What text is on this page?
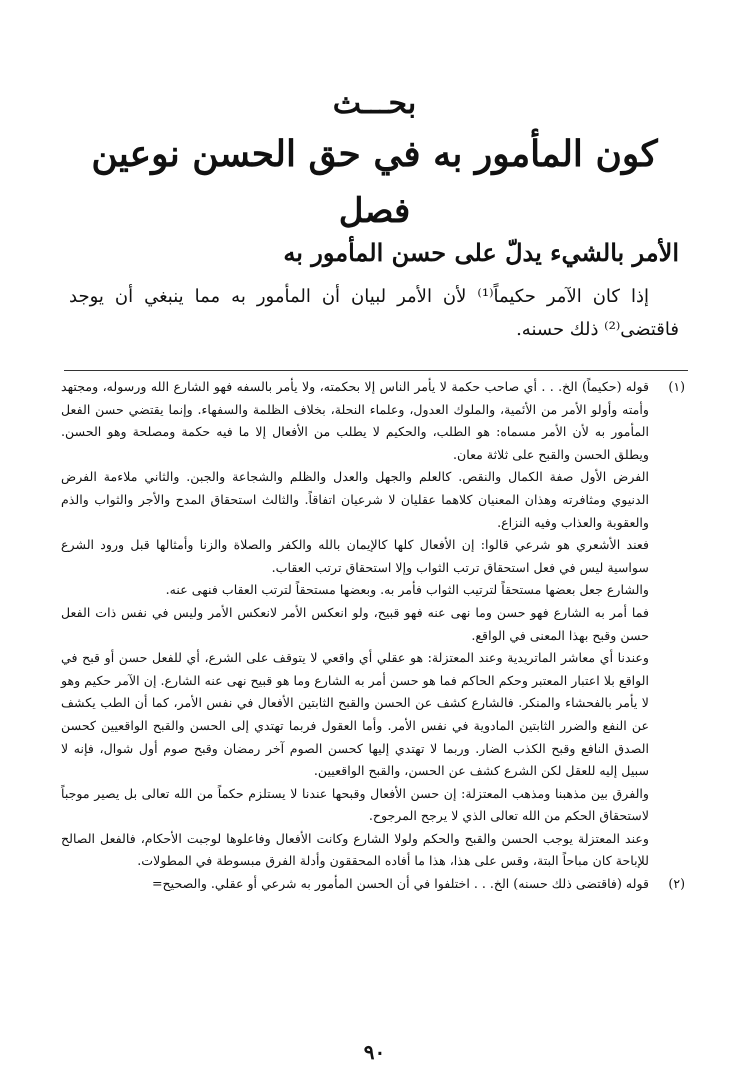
بحـــث
كون المأمور به في حق الحسن نوعين
فصل
الأمر بالشيء يدلّ على حسن المأمور به

إذا كان الآمر حكيماً⁽¹⁾ لأن الأمر لبيان أن المأمور به مما ينبغي أن يوجد فاقتضى⁽²⁾ ذلك حسنه.

(١)

قوله (حكيماً) الخ. . . أي صاحب حكمة لا يأمر الناس إلا بحكمته، ولا يأمر بالسفه فهو الشارع الله ورسوله، ومجتهد وأمته وأولو الأمر من الأئمية، والملوك العدول، وعلماء النحلة، بخلاف الظلمة والسفهاء. وإنما يقتضي حسن الفعل المأمور به لأن الأمر مسماه: هو الطلب، والحكيم لا يطلب من الأفعال إلا ما فيه حكمة ومصلحة وهو الحسن. ويطلق الحسن والقبح على ثلاثة معان.

الفرض الأول صفة الكمال والنقص. كالعلم والجهل والعدل والظلم والشجاعة والجبن. والثاني ملاءمة الفرض الدنيوي ومثافرته وهذان المعنيان كلاهما عقليان لا شرعيان اتفاقاً. والثالث استحقاق المدح والأجر والثواب والذم والعقوبة والعذاب وفيه النزاع.

فعند الأشعري هو شرعي قالوا: إن الأفعال كلها كالإيمان بالله والكفر والصلاة والزنا وأمثالها قبل ورود الشرع سواسية ليس في فعل استحقاق ترتب الثواب وإلا استحقاق ترتب العقاب.

والشارع جعل بعضها مستحقاً لترتيب الثواب فأمر به. وبعضها مستحقاً لترتب العقاب فنهى عنه.

فما أمر به الشارع فهو حسن وما نهى عنه فهو قبيح، ولو انعكس الأمر لانعكس الأمر وليس في نفس ذات الفعل حسن وقبح بهذا المعنى في الواقع.

وعندنا أي معاشر الماتريدية وعند المعتزلة: هو عقلي أي واقعي لا يتوقف على الشرع، أي للفعل حسن أو قبح في الواقع بلا اعتبار المعتبر وحكم الحاكم فما هو حسن أمر به الشارع وما هو قبيح نهى عنه الشارع. إن الآمر حكيم وهو لا يأمر بالفحشاء والمنكر. فالشارع كشف عن الحسن والقبح الثابتين الأفعال في نفس الأمر، كما أن الطب يكشف عن النفع والضرر الثابتين المادوية في نفس الأمر. وأما العقول فربما تهتدي إلى الحسن والقبح الواقعيين كحسن الصدق النافع وقبح الكذب الضار. وربما لا تهتدي إليها كحسن الصوم آخر رمضان وقبح صوم أول شوال، فإنه لا سبيل إليه للعقل لكن الشرع كشف عن الحسن، والقبح الواقعيين.

والفرق بين مذهبنا ومذهب المعتزلة: إن حسن الأفعال وقبحها عندنا لا يستلزم حكماً من الله تعالى بل يصير موجباً لاستحقاق الحكم من الله تعالى الذي لا يرجح المرجوح.

وعند المعتزلة يوجب الحسن والقبح والحكم ولولا الشارع وكانت الأفعال وفاعلوها لوجبت الأحكام، فالفعل الصالح للإباحة كان مباحاً البتة، وقس على هذا، هذا ما أفاده المحققون وأدلة الفرق مبسوطة في المطولات.

(٢)

قوله (فاقتضى ذلك حسنه) الخ. . . اختلفوا في أن الحسن المأمور به شرعي أو عقلي. والصحيح=

٩٠
